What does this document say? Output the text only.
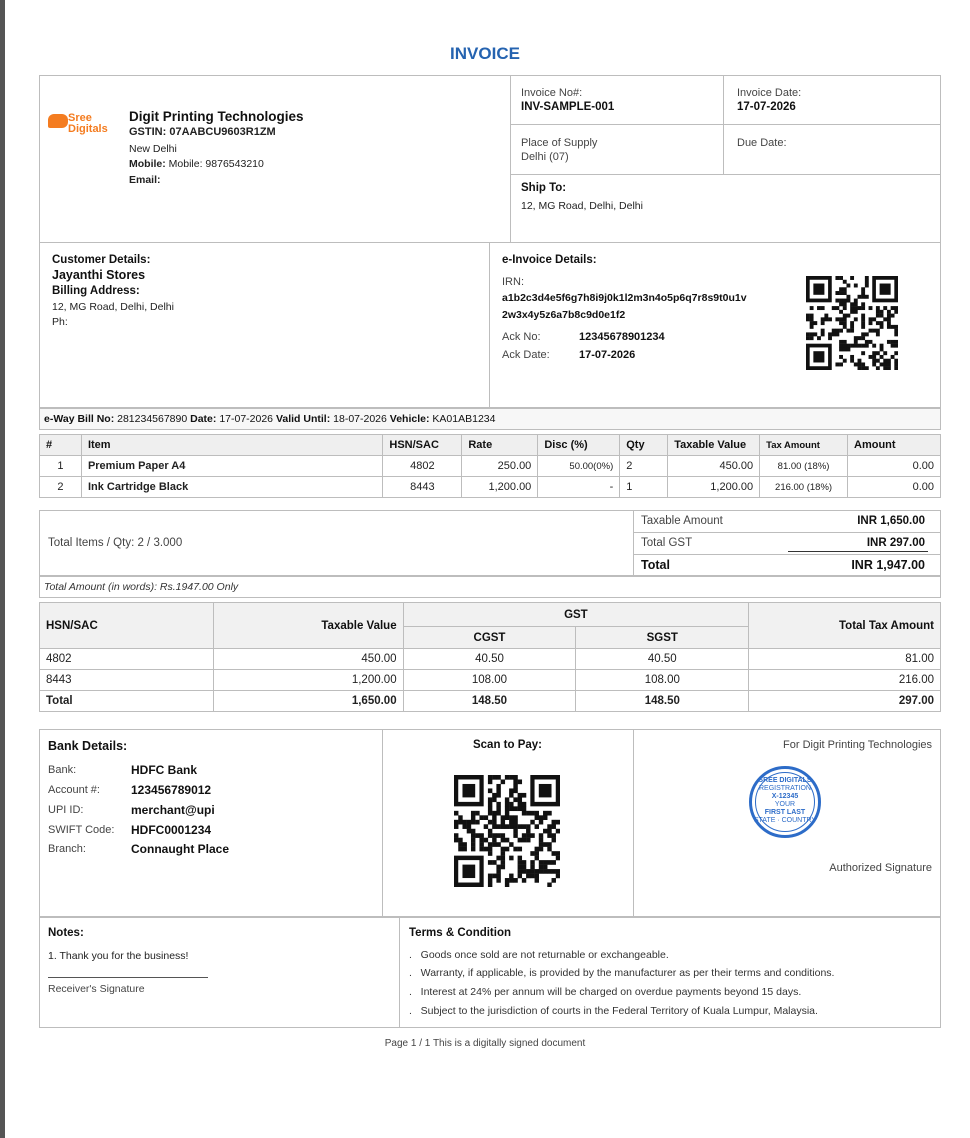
INVOICE
Sree
Digitals
Digit Printing Technologies
GSTIN: 07AABCU9603R1ZM
New Delhi
Mobile: Mobile: 9876543210
Email:
Invoice No#:
INV-SAMPLE-001
Invoice Date:
17-07-2026
Place of Supply
Delhi (07)
Due Date:
Ship To:
12, MG Road, Delhi, Delhi
Customer Details:
Jayanthi Stores
Billing Address:
12, MG Road, Delhi, Delhi
Ph:
e-Invoice Details:
IRN:
a1b2c3d4e5f6g7h8i9j0k1l2m3n4o5p6q7r8s9t0u1v
2w3x4y5z6a7b8c9d0e1f2
Ack No:	12345678901234
Ack Date:	17-07-2026
e-Way Bill No: 281234567890 Date: 17-07-2026 Valid Until: 18-07-2026 Vehicle: KA01AB1234
#	Item	HSN/SAC	Rate	Disc (%)	Qty	Taxable Value	Tax Amount	Amount
1	Premium Paper A4	4802	250.00	50.00(0%)	2	450.00	81.00 (18%)	0.00
2	Ink Cartridge Black	8443	1,200.00	-	1	1,200.00	216.00 (18%)	0.00
Total Items / Qty: 2 / 3.000
Taxable Amount	INR 1,650.00
Total GST	INR 297.00
Total	INR 1,947.00
Total Amount (in words): Rs.1947.00 Only
HSN/SAC	Taxable Value	GST		Total Tax Amount
		CGST	SGST	
4802	450.00	40.50	40.50	81.00
8443	1,200.00	108.00	108.00	216.00
Total	1,650.00	148.50	148.50	297.00
Bank Details:
Bank:	HDFC Bank
Account #:	123456789012
UPI ID:	merchant@upi
SWIFT Code: HDFC0001234
Branch:	Connaught Place
Scan to Pay:	For Digit Printing Technologies
SREE DIGITALS
REGISTRATION
X-12345
YOUR
FIRST LAST
STATE · COUNTRY
Authorized Signature
Notes:
1. Thank you for the business!
Receiver's Signature
Terms & Condition
.   Goods once sold are not returnable or exchangeable.
.   Warranty, if applicable, is provided by the manufacturer as per their terms and conditions.
.   Interest at 24% per annum will be charged on overdue payments beyond 15 days.
.   Subject to the jurisdiction of courts in the Federal Territory of Kuala Lumpur, Malaysia.
Page 1 / 1 This is a digitally signed document
